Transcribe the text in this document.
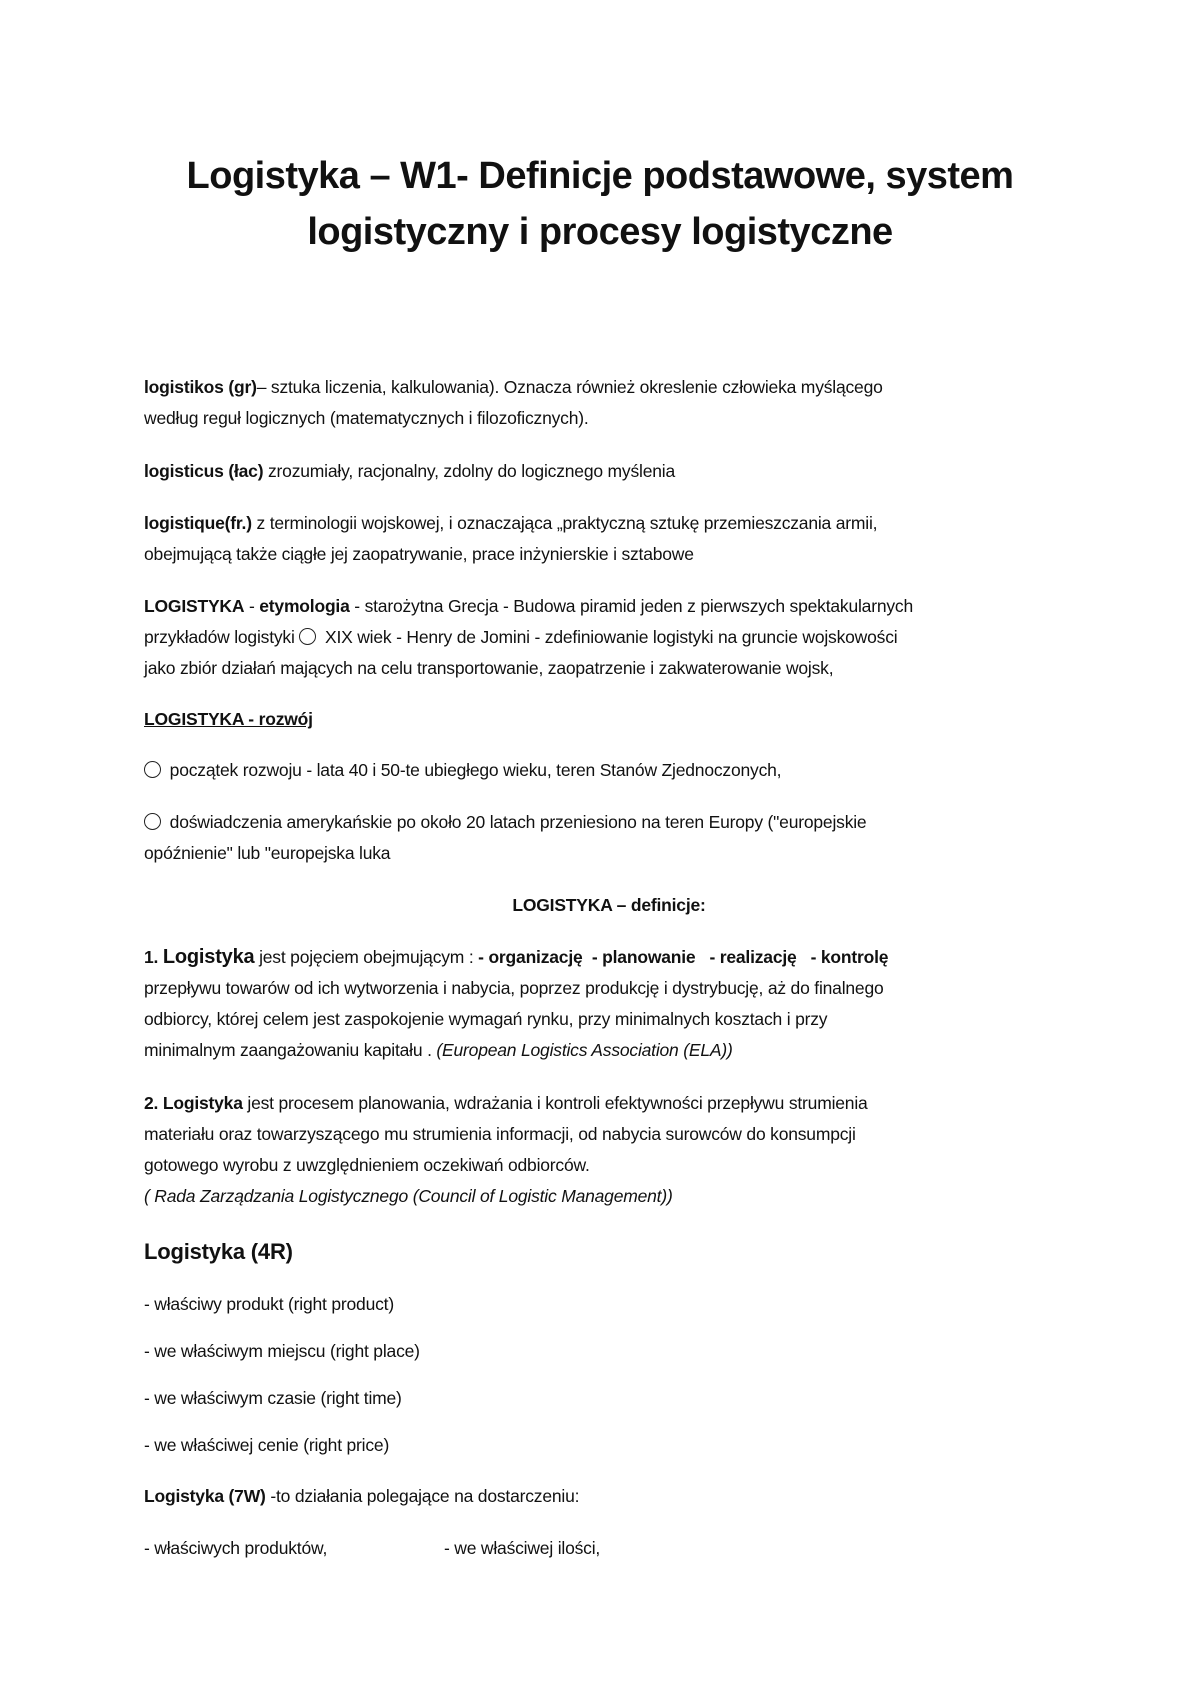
Logistyka – W1- Definicje podstawowe, system
logistyczny i procesy logistyczne
logistikos (gr)– sztuka liczenia, kalkulowania). Oznacza również okreslenie człowieka myślącego
według reguł logicznych (matematycznych i filozoficznych).
logisticus (łac) zrozumiały, racjonalny, zdolny do logicznego myślenia
logistique(fr.) z terminologii wojskowej, i oznaczająca „praktyczną sztukę przemieszczania armii,
obejmującą także ciągłe jej zaopatrywanie, prace inżynierskie i sztabowe
LOGISTYKA - etymologia - starożytna Grecja - Budowa piramid jeden z pierwszych spektakularnych
przykładów logistyki  XIX wiek - Henry de Jomini - zdefiniowanie logistyki na gruncie wojskowości
jako zbiór działań mających na celu transportowanie, zaopatrzenie i zakwaterowanie wojsk,
LOGISTYKA - rozwój
początek rozwoju - lata 40 i 50-te ubiegłego wieku, teren Stanów Zjednoczonych,
doświadczenia amerykańskie po około 20 latach przeniesiono na teren Europy ("europejskie
opóźnienie" lub "europejska luka
LOGISTYKA – definicje:
1. Logistyka jest pojęciem obejmującym : - organizację - planowanie - realizację - kontrolę
przepływu towarów od ich wytworzenia i nabycia, poprzez produkcję i dystrybucję, aż do finalnego
odbiorcy, której celem jest zaspokojenie wymagań rynku, przy minimalnych kosztach i przy
minimalnym zaangażowaniu kapitału . (European Logistics Association (ELA))
2. Logistyka jest procesem planowania, wdrażania i kontroli efektywności przepływu strumienia
materiału oraz towarzyszącego mu strumienia informacji, od nabycia surowców do konsumpcji
gotowego wyrobu z uwzględnieniem oczekiwań odbiorców.
( Rada Zarządzania Logistycznego (Council of Logistic Management))
Logistyka (4R)
- właściwy produkt (right product)
- we właściwym miejscu (right place)
- we właściwym czasie (right time)
- we właściwej cenie (right price)
Logistyka (7W) -to działania polegające na dostarczeniu:
- właściwych produktów,	- we właściwej ilości,
